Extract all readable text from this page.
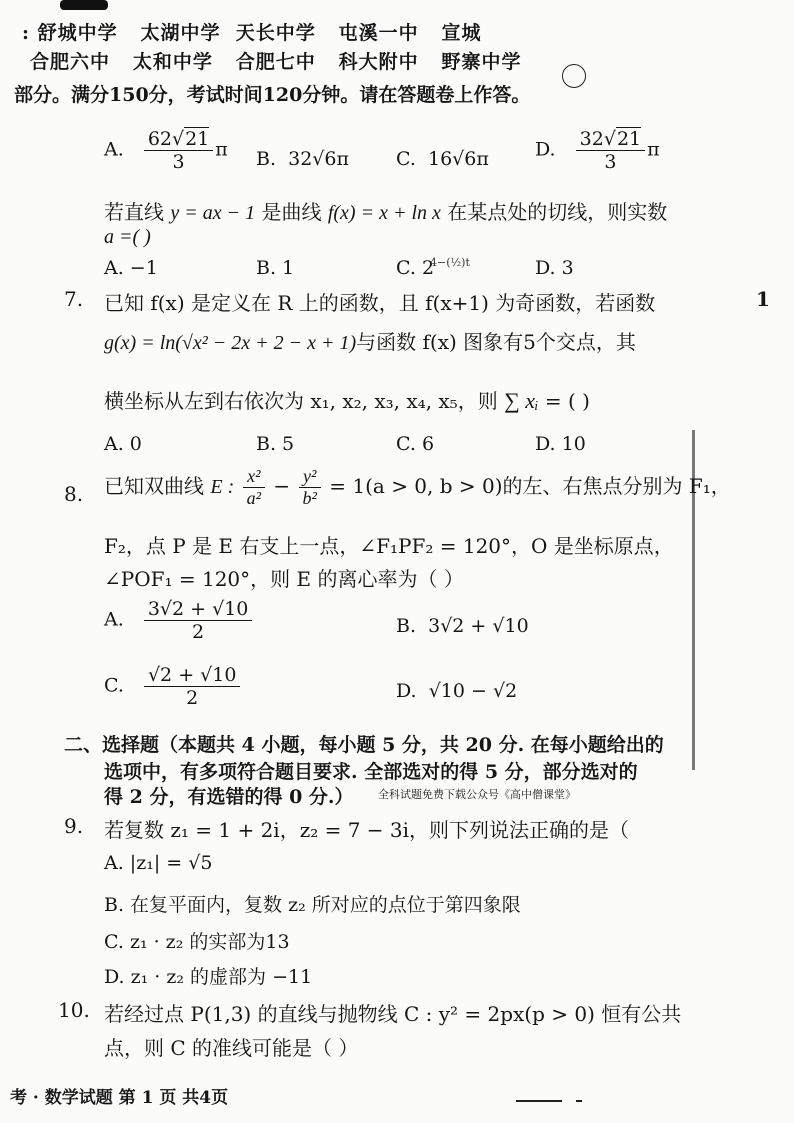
: 舒城中学 太湖中学 天长中学 屯溪一中 宣城
合肥六中 太和中学 合肥七中 科大附中 野寨中学
部分。满分150分，考试时间120分钟。请在答题卷上作答。
A. $\frac{62√21}{3}$ π B. 32√6π C. 16√6π D. $\frac{32√21}{3}$ π
若直线 y = ax − 1 是曲线 f(x) = x + ln x 在某点处的切线，则实数
a =( )
A. −1	B. 1	C. 2	D. 3
4−(½)t
7. 已知 f(x) 是定义在 R 上的函数，且 f(x+1) 为奇函数，若函数
g(x) = ln(√x² − 2x + 2 − x + 1)与函数 f(x) 图象有5个交点，其
横坐标从左到右依次为 x₁, x₂, x₃, x₄, x₅，则 ∑ xᵢ = ( )
A. 0	B. 5	C. 6	D. 10
1
8. 已知双曲线 E : $\frac{\text{x²}}{\text{a²}} - \frac{\text{y²}}{\text{b²}} = 1(a > 0$, b > 0)的左、右焦点分别为 F₁，
F₂，点 P 是 E 右支上一点，∠F₁PF₂ = 120°，O 是坐标原点，
∠POF₁ = 120°，则 E 的离心率为（ ）
A. $\frac{3√2 + √10}{2}$	B. 3√2 + √10
C. $\frac{√2 + √10}{2}$	D. √10 − √2
二、选择题（本题共 4 小题，每小题 5 分，共 20 分. 在每小题给出的
选项中，有多项符合题目要求. 全部选对的得 5 分，部分选对的
得 2 分，有选错的得 0 分.） 全科试题免费下载公众号《高中僧课堂》
9. 若复数 z₁ = 1 + 2i，z₂ = 7 − 3i，则下列说法正确的是（
A. |z₁| = √5
B. 在复平面内，复数 z₂ 所对应的点位于第四象限
C. z₁ · z₂ 的实部为13
D. z₁ · z₂ 的虚部为 −11
10. 若经过点 P(1,3) 的直线与抛物线 C : y² = 2px(p > 0) 恒有公共
点，则 C 的准线可能是（ ）
考 · 数学试题 第 1 页 共4页
